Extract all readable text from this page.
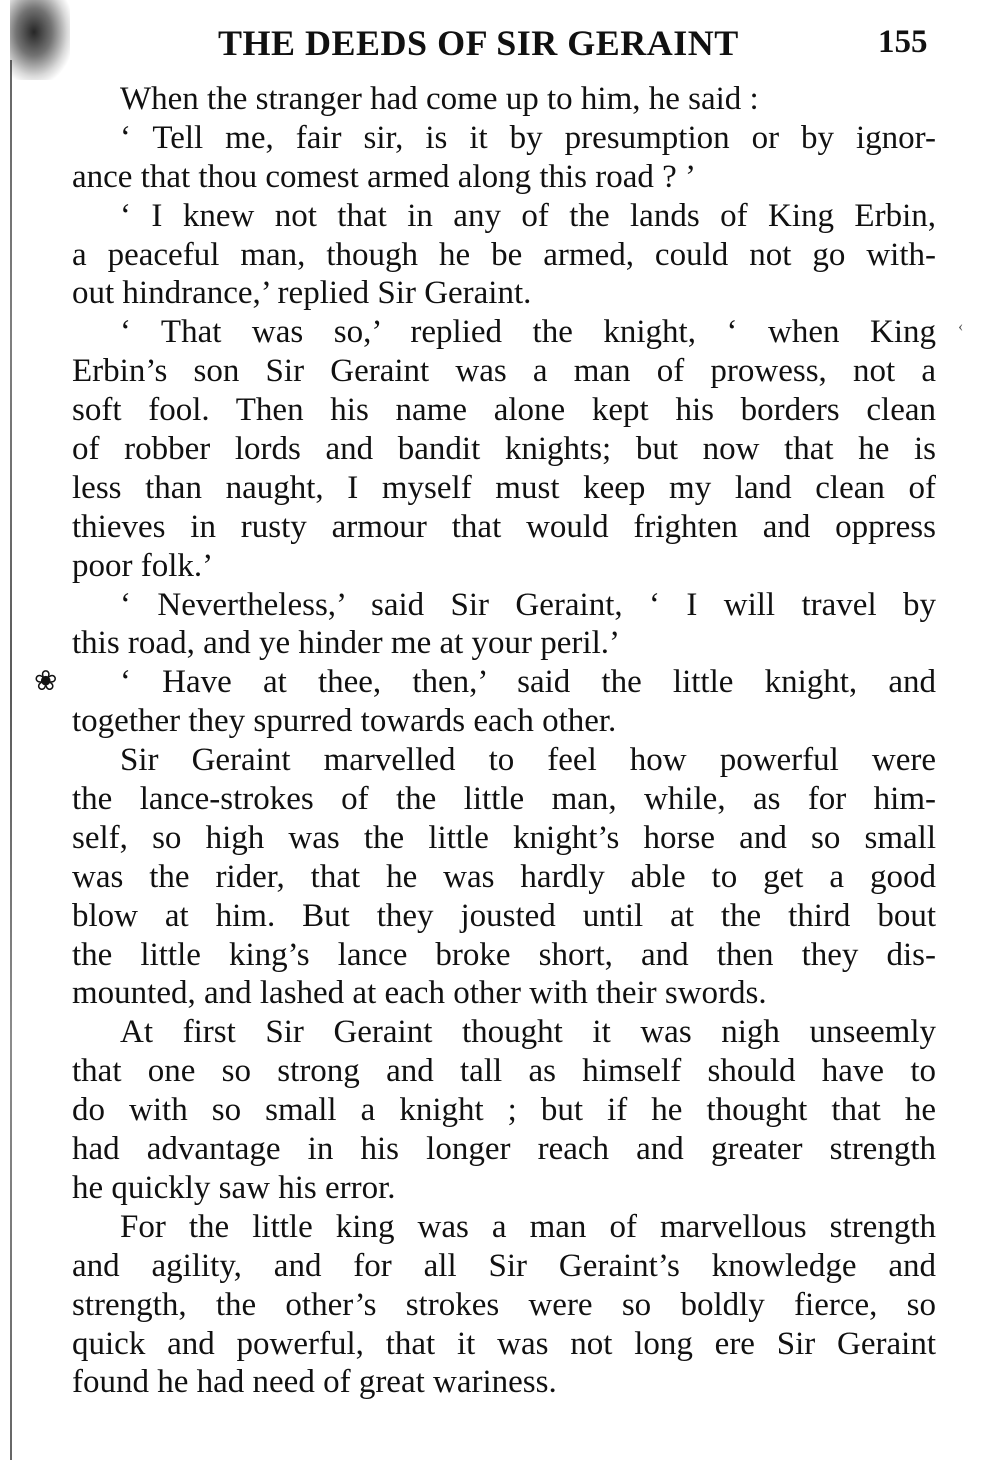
❀
‹
THE DEEDS OF SIR GERAINT	155
When the stranger had come up to him, he said :
‘ Tell me, fair sir, is it by presumption or by ignor-
ance that thou comest armed along this road ? ’
‘ I knew not that in any of the lands of King Erbin,
a peaceful man, though he be armed, could not go with-
out hindrance,’ replied Sir Geraint.
‘ That was so,’ replied the knight, ‘ when King
Erbin’s son Sir Geraint was a man of prowess, not a
soft fool. Then his name alone kept his borders clean
of robber lords and bandit knights; but now that he is
less than naught, I myself must keep my land clean of
thieves in rusty armour that would frighten and oppress
poor folk.’
‘ Nevertheless,’ said Sir Geraint, ‘ I will travel by
this road, and ye hinder me at your peril.’
‘ Have at thee, then,’ said the little knight, and
together they spurred towards each other.
Sir Geraint marvelled to feel how powerful were
the lance-strokes of the little man, while, as for him-
self, so high was the little knight’s horse and so small
was the rider, that he was hardly able to get a good
blow at him. But they jousted until at the third bout
the little king’s lance broke short, and then they dis-
mounted, and lashed at each other with their swords.
At first Sir Geraint thought it was nigh unseemly
that one so strong and tall as himself should have to
do with so small a knight ; but if he thought that he
had advantage in his longer reach and greater strength
he quickly saw his error.
For the little king was a man of marvellous strength
and agility, and for all Sir Geraint’s knowledge and
strength, the other’s strokes were so boldly fierce, so
quick and powerful, that it was not long ere Sir Geraint
found he had need of great wariness.
